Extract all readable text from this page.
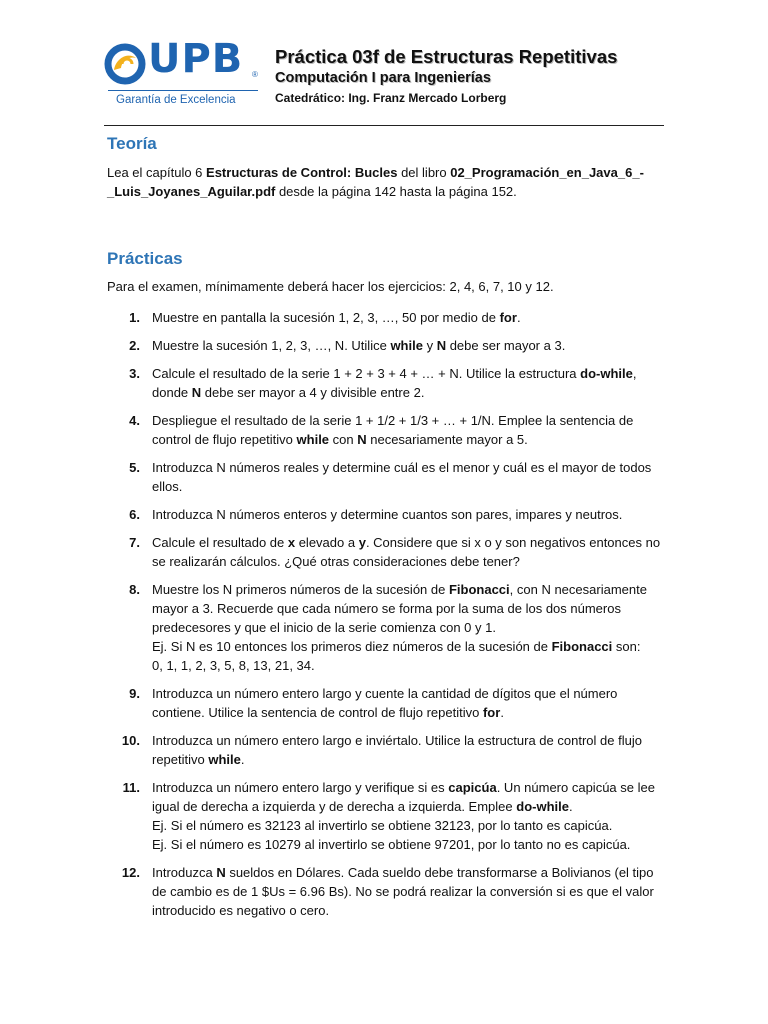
UPB ®
Garantía de Excelencia
Práctica 03f de Estructuras Repetitivas
Computación I para Ingenierías
Catedrático: Ing. Franz Mercado Lorberg
Teoría
Lea el capítulo 6 Estructuras de Control: Bucles del libro 02_Programación_en_Java_6_-_Luis_Joyanes_Aguilar.pdf desde la página 142 hasta la página 152.
Prácticas
Para el examen, mínimamente deberá hacer los ejercicios: 2, 4, 6, 7, 10 y 12.
1. Muestre en pantalla la sucesión 1, 2, 3, …, 50 por medio de for.
2. Muestre la sucesión 1, 2, 3, …, N. Utilice while y N debe ser mayor a 3.
3. Calcule el resultado de la serie 1 + 2 + 3 + 4 + … + N. Utilice la estructura do-while, donde N debe ser mayor a 4 y divisible entre 2.
4. Despliegue el resultado de la serie 1 + 1/2 + 1/3 + … + 1/N. Emplee la sentencia de control de flujo repetitivo while con N necesariamente mayor a 5.
5. Introduzca N números reales y determine cuál es el menor y cuál es el mayor de todos ellos.
6. Introduzca N números enteros y determine cuantos son pares, impares y neutros.
7. Calcule el resultado de x elevado a y. Considere que si x o y son negativos entonces no se realizarán cálculos. ¿Qué otras consideraciones debe tener?
8. Muestre los N primeros números de la sucesión de Fibonacci, con N necesariamente mayor a 3. Recuerde que cada número se forma por la suma de los dos números predecesores y que el inicio de la serie comienza con 0 y 1.
Ej. Si N es 10 entonces los primeros diez números de la sucesión de Fibonacci son:
0, 1, 1, 2, 3, 5, 8, 13, 21, 34.
9. Introduzca un número entero largo y cuente la cantidad de dígitos que el número contiene. Utilice la sentencia de control de flujo repetitivo for.
10. Introduzca un número entero largo e inviértalo. Utilice la estructura de control de flujo repetitivo while.
11. Introduzca un número entero largo y verifique si es capicúa. Un número capicúa se lee igual de derecha a izquierda y de derecha a izquierda. Emplee do-while.
Ej. Si el número es 32123 al invertirlo se obtiene 32123, por lo tanto es capicúa.
Ej. Si el número es 10279 al invertirlo se obtiene 97201, por lo tanto no es capicúa.
12. Introduzca N sueldos en Dólares. Cada sueldo debe transformarse a Bolivianos (el tipo de cambio es de 1 $Us = 6.96 Bs). No se podrá realizar la conversión si es que el valor introducido es negativo o cero.
